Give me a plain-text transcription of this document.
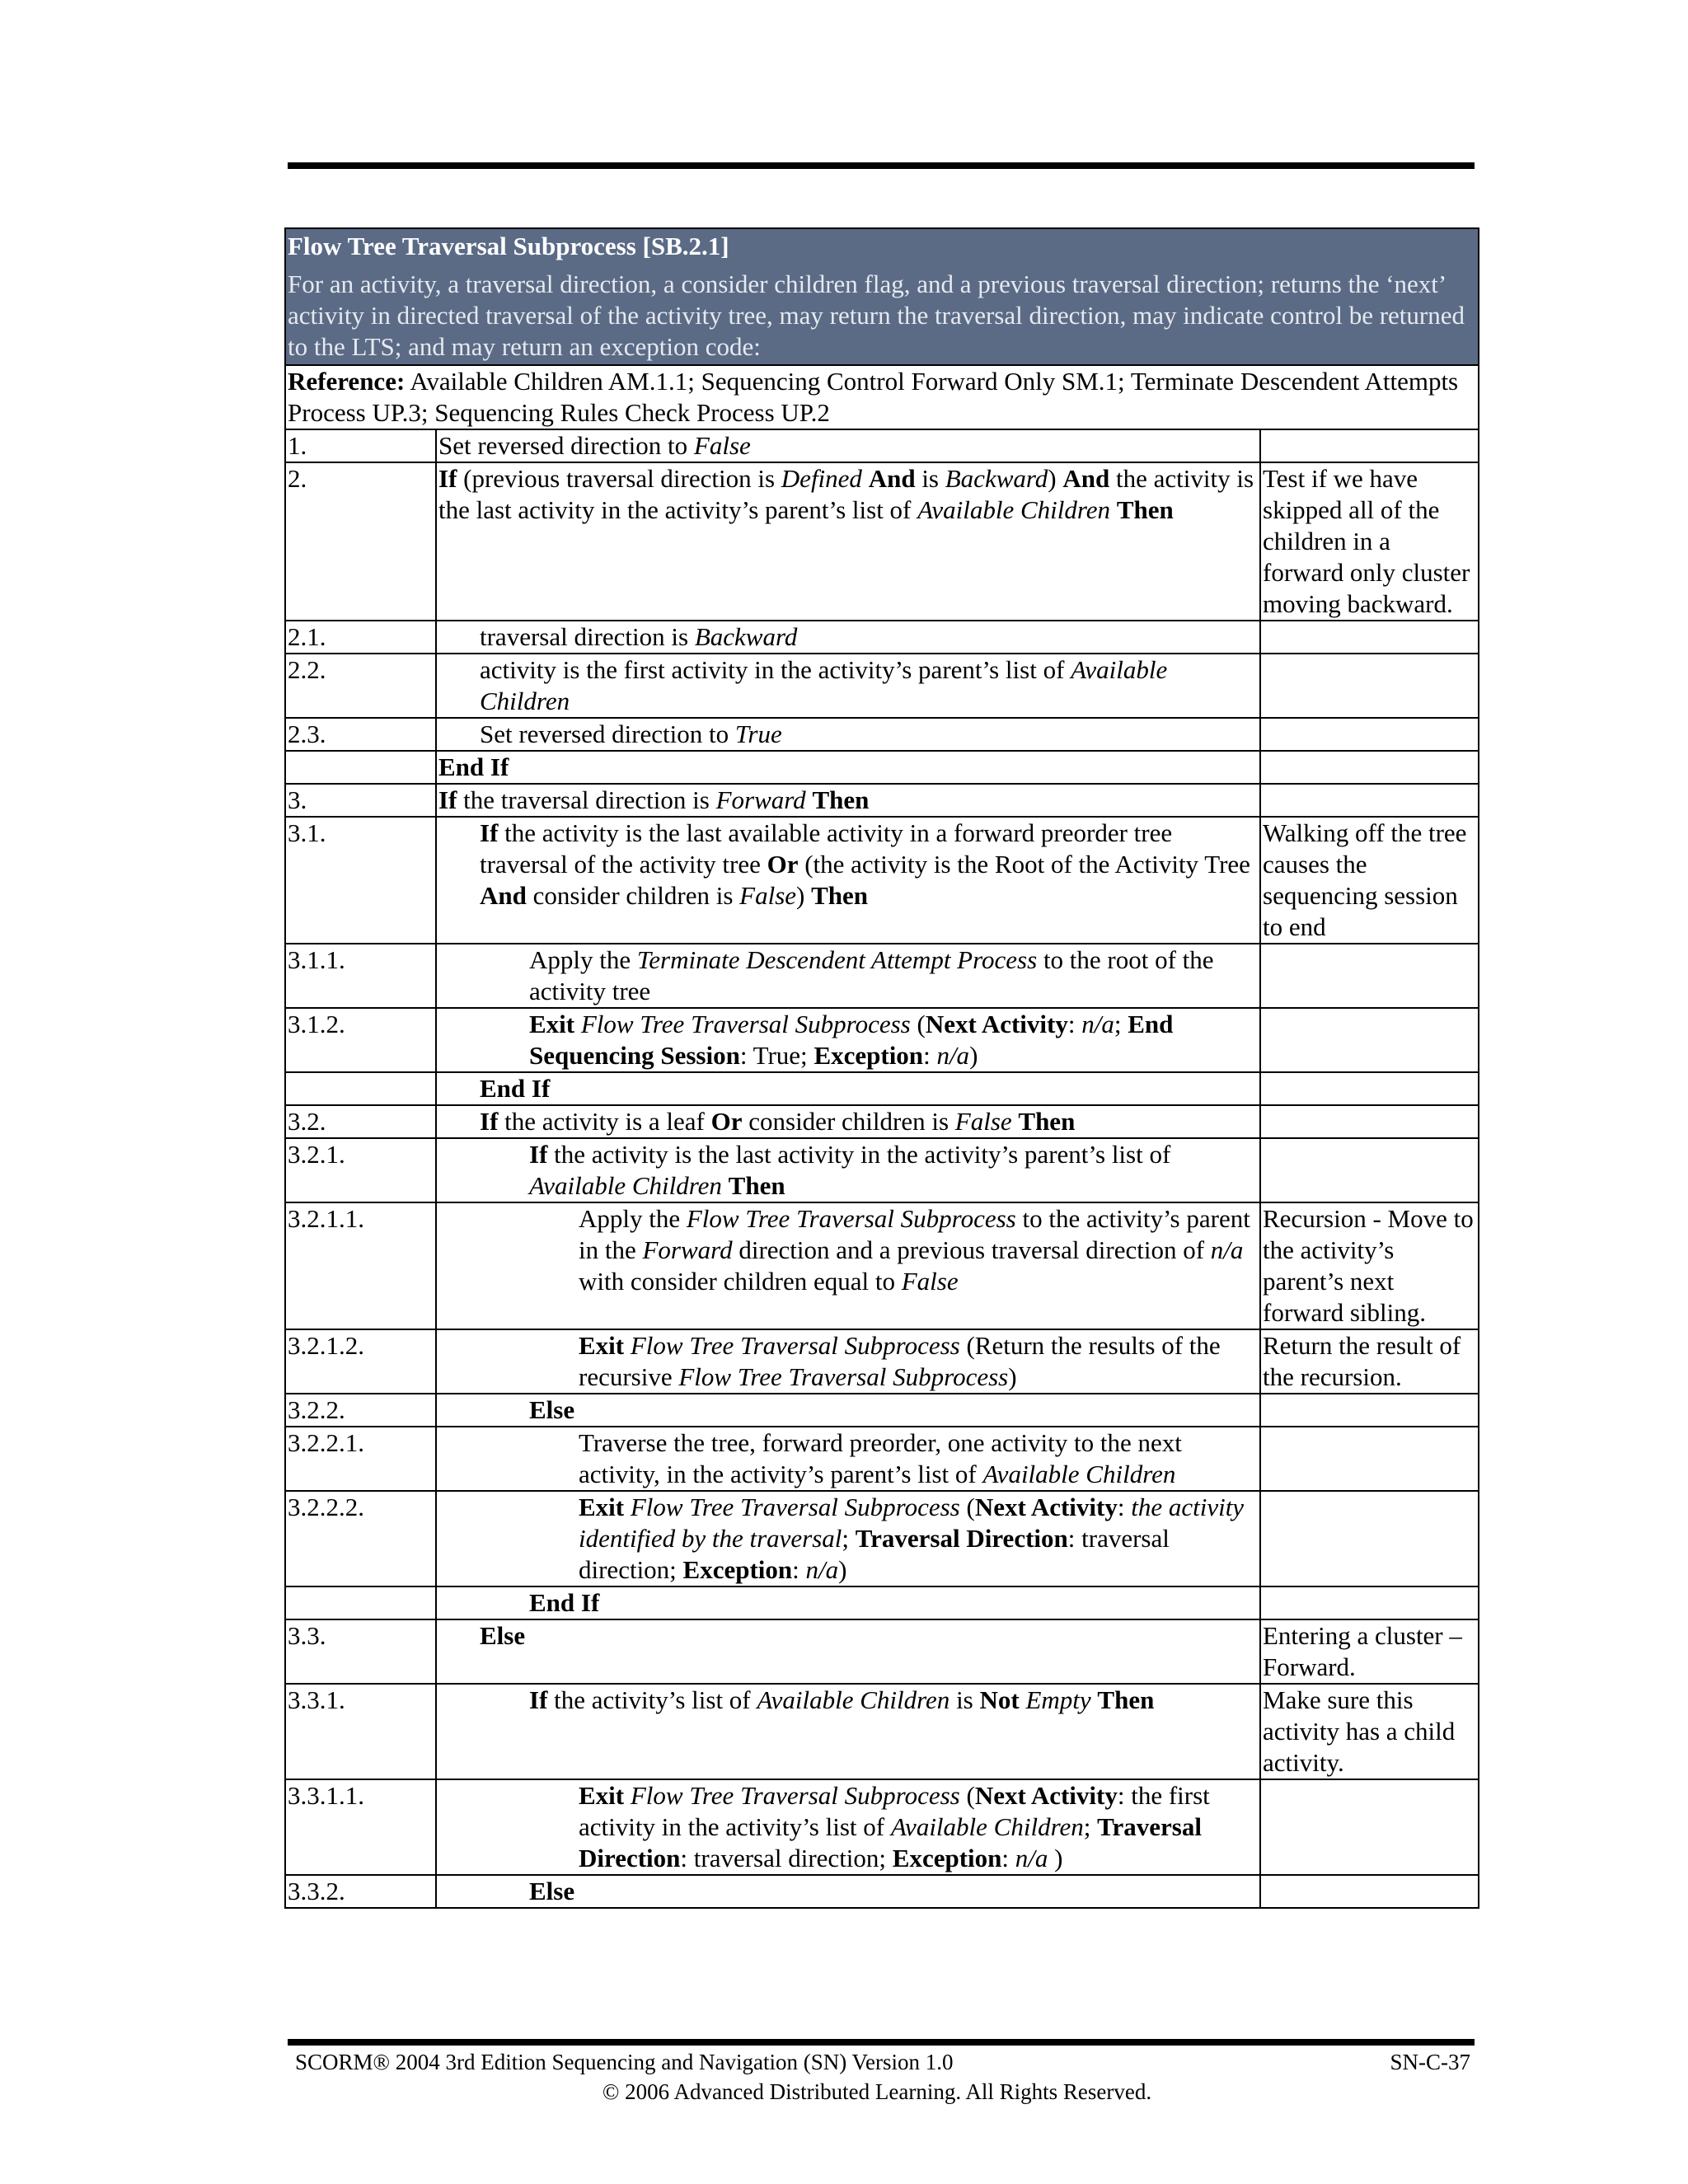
Flow Tree Traversal Subprocess [SB.2.1]
For an activity, a traversal direction, a consider children flag, and a previous traversal direction; returns the ‘next’ activity in directed traversal of the activity tree, may return the traversal direction, may indicate control be returned to the LTS; and may return an exception code:		

Reference: Available Children AM.1.1; Sequencing Control Forward Only SM.1; Terminate Descendent Attempts Process UP.3; Sequencing Rules Check Process UP.2		
1.	Set reversed direction to False	
2.	If (previous traversal direction is Defined And is Backward) And the activity is the last activity in the activity’s parent’s list of Available Children Then	Test if we have skipped all of the children in a forward only cluster moving backward.
2.1.	traversal direction is Backward	
2.2.	activity is the first activity in the activity’s parent’s list of Available Children	
2.3.	Set reversed direction to True	
	End If	
3.	If the traversal direction is Forward Then	
3.1.	If the activity is the last available activity in a forward preorder tree traversal of the activity tree Or (the activity is the Root of the Activity Tree And consider children is False) Then	Walking off the tree causes the sequencing session to end
3.1.1.	Apply the Terminate Descendent Attempt Process to the root of the activity tree	
3.1.2.	Exit Flow Tree Traversal Subprocess (Next Activity: n/a; End Sequencing Session: True; Exception: n/a)	
	End If	
3.2.	If the activity is a leaf Or consider children is False Then	
3.2.1.	If the activity is the last activity in the activity’s parent’s list of Available Children Then	
3.2.1.1.	Apply the Flow Tree Traversal Subprocess to the activity’s parent in the Forward direction and a previous traversal direction of n/a with consider children equal to False	Recursion - Move to the activity’s parent’s next forward sibling.
3.2.1.2.	Exit Flow Tree Traversal Subprocess (Return the results of the recursive Flow Tree Traversal Subprocess)	Return the result of the recursion.
3.2.2.	Else	
3.2.2.1.	Traverse the tree, forward preorder, one activity to the next activity, in the activity’s parent’s list of Available Children	
3.2.2.2.	Exit Flow Tree Traversal Subprocess (Next Activity: the activity identified by the traversal; Traversal Direction: traversal direction; Exception: n/a)	
	End If	
3.3.	Else	Entering a cluster – Forward.
3.3.1.	If the activity’s list of Available Children is Not Empty Then	Make sure this activity has a child activity.
3.3.1.1.	Exit Flow Tree Traversal Subprocess (Next Activity: the first activity in the activity’s list of Available Children; Traversal Direction: traversal direction; Exception: n/a )	
3.3.2.	Else	
SCORM® 2004 3rd Edition Sequencing and Navigation (SN) Version 1.0	SN-C-37
© 2006 Advanced Distributed Learning. All Rights Reserved.
